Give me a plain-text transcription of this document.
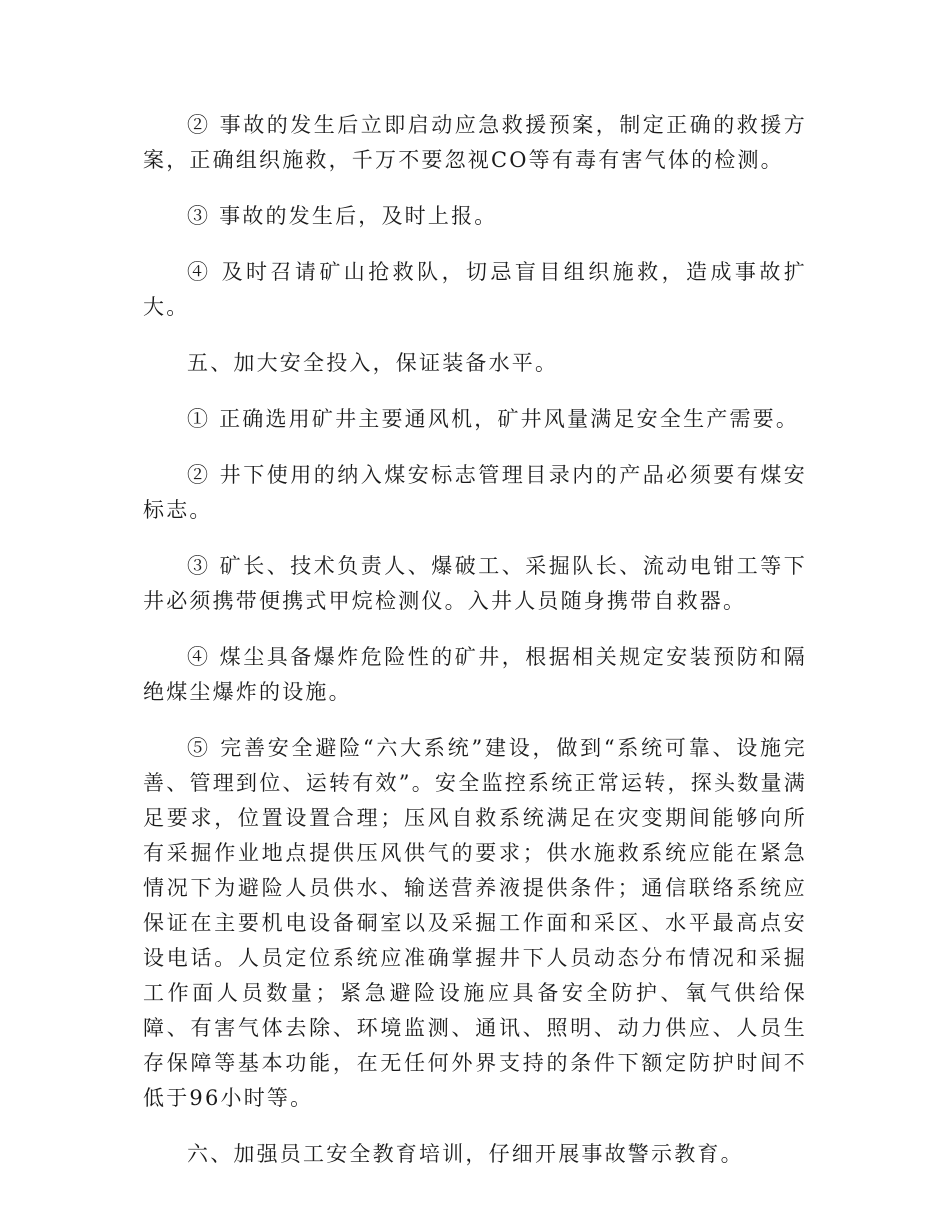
② 事故的发生后立即启动应急救援预案，制定正确的救援方案，正确组织施救，千万不要忽视CO等有毒有害气体的检测。

③ 事故的发生后，及时上报。

④ 及时召请矿山抢救队，切忌盲目组织施救，造成事故扩大。

五、加大安全投入，保证装备水平。

① 正确选用矿井主要通风机，矿井风量满足安全生产需要。

② 井下使用的纳入煤安标志管理目录内的产品必须要有煤安标志。

③ 矿长、技术负责人、爆破工、采掘队长、流动电钳工等下井必须携带便携式甲烷检测仪。入井人员随身携带自救器。

④ 煤尘具备爆炸危险性的矿井，根据相关规定安装预防和隔绝煤尘爆炸的设施。

⑤ 完善安全避险“六大系统”建设，做到“系统可靠、设施完善、管理到位、运转有效”。安全监控系统正常运转，探头数量满足要求，位置设置合理；压风自救系统满足在灾变期间能够向所有采掘作业地点提供压风供气的要求；供水施救系统应能在紧急情况下为避险人员供水、输送营养液提供条件；通信联络系统应保证在主要机电设备硐室以及采掘工作面和采区、水平最高点安设电话。人员定位系统应准确掌握井下人员动态分布情况和采掘工作面人员数量；紧急避险设施应具备安全防护、氧气供给保障、有害气体去除、环境监测、通讯、照明、动力供应、人员生存保障等基本功能，在无任何外界支持的条件下额定防护时间不低于96小时等。

六、加强员工安全教育培训，仔细开展事故警示教育。
